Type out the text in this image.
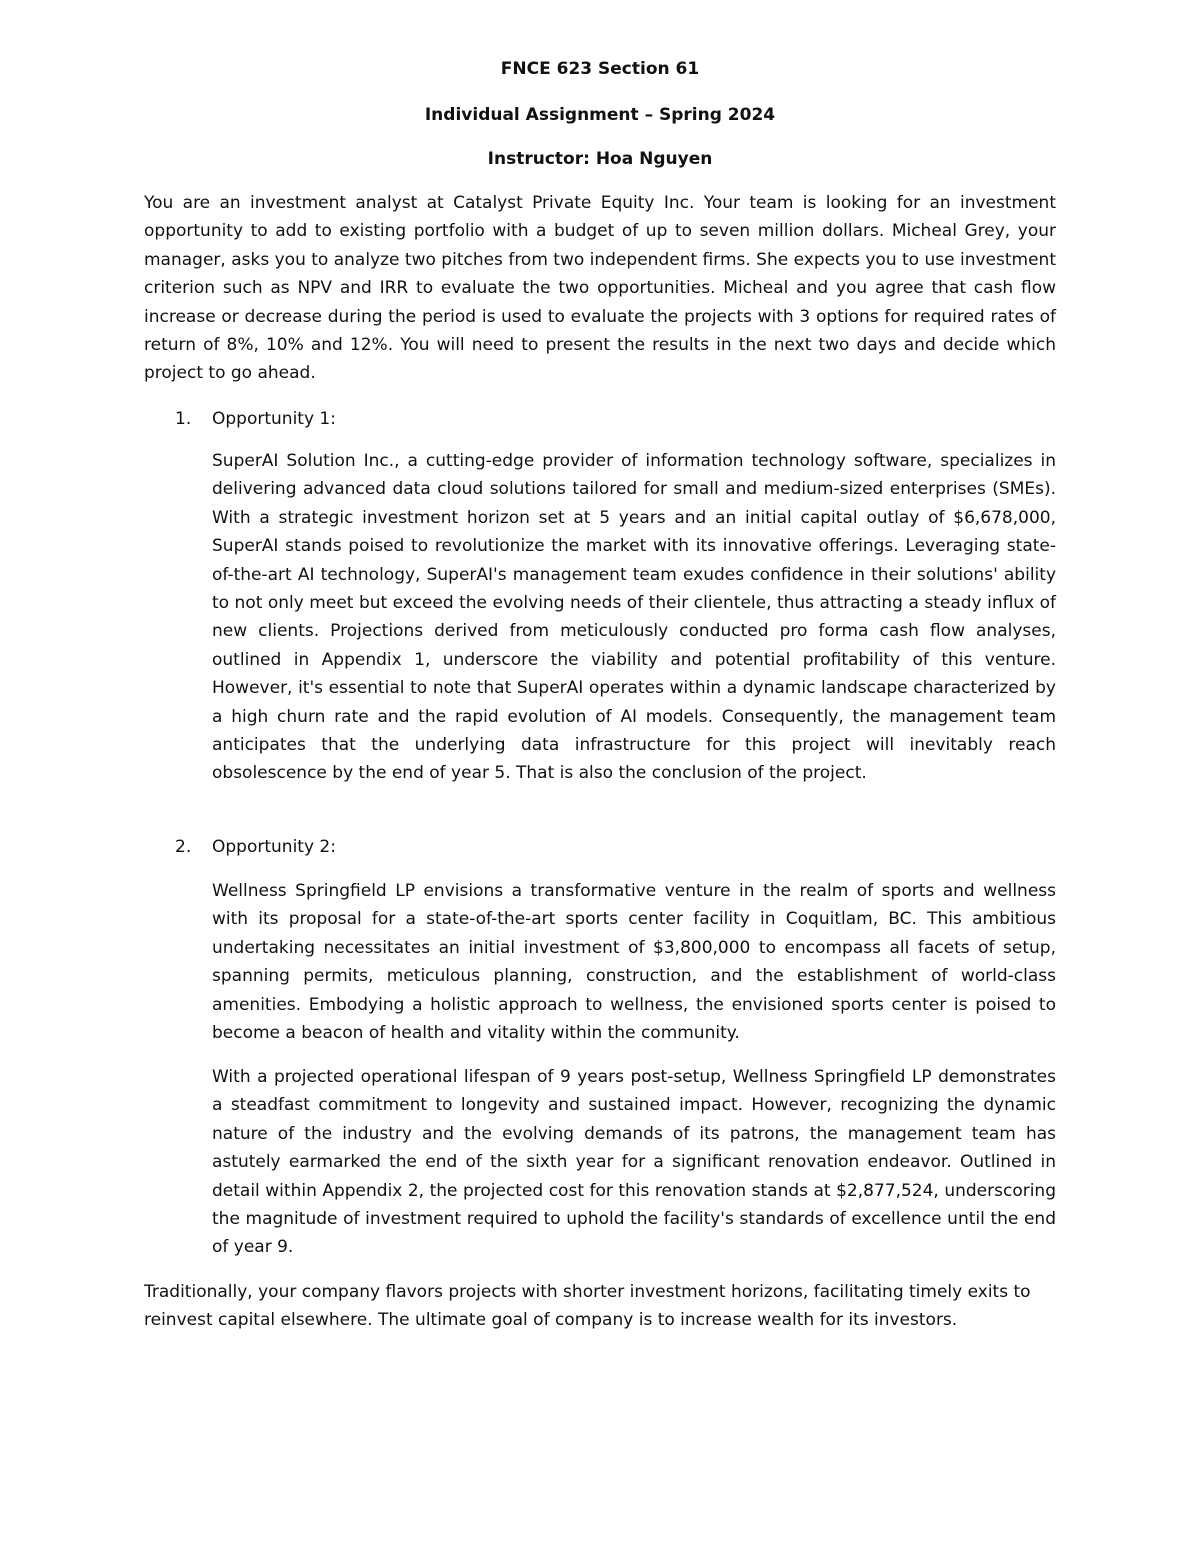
FNCE 623 Section 61

Individual Assignment – Spring 2024

Instructor: Hoa Nguyen

You are an investment analyst at Catalyst Private Equity Inc. Your team is looking for an investment opportunity to add to existing portfolio with a budget of up to seven million dollars. Micheal Grey, your manager, asks you to analyze two pitches from two independent firms. She expects you to use investment criterion such as NPV and IRR to evaluate the two opportunities. Micheal and you agree that cash flow increase or decrease during the period is used to evaluate the projects with 3 options for required rates of return of 8%, 10% and 12%. You will need to present the results in the next two days and decide which project to go ahead.

1. Opportunity 1:

SuperAI Solution Inc., a cutting-edge provider of information technology software, specializes in delivering advanced data cloud solutions tailored for small and medium-sized enterprises (SMEs). With a strategic investment horizon set at 5 years and an initial capital outlay of $6,678,000, SuperAI stands poised to revolutionize the market with its innovative offerings. Leveraging state-of-the-art AI technology, SuperAI's management team exudes confidence in their solutions' ability to not only meet but exceed the evolving needs of their clientele, thus attracting a steady influx of new clients. Projections derived from meticulously conducted pro forma cash flow analyses, outlined in Appendix 1, underscore the viability and potential profitability of this venture. However, it's essential to note that SuperAI operates within a dynamic landscape characterized by a high churn rate and the rapid evolution of AI models. Consequently, the management team anticipates that the underlying data infrastructure for this project will inevitably reach obsolescence by the end of year 5. That is also the conclusion of the project.

2. Opportunity 2:

Wellness Springfield LP envisions a transformative venture in the realm of sports and wellness with its proposal for a state-of-the-art sports center facility in Coquitlam, BC. This ambitious undertaking necessitates an initial investment of $3,800,000 to encompass all facets of setup, spanning permits, meticulous planning, construction, and the establishment of world-class amenities. Embodying a holistic approach to wellness, the envisioned sports center is poised to become a beacon of health and vitality within the community.

With a projected operational lifespan of 9 years post-setup, Wellness Springfield LP demonstrates a steadfast commitment to longevity and sustained impact. However, recognizing the dynamic nature of the industry and the evolving demands of its patrons, the management team has astutely earmarked the end of the sixth year for a significant renovation endeavor. Outlined in detail within Appendix 2, the projected cost for this renovation stands at $2,877,524, underscoring the magnitude of investment required to uphold the facility's standards of excellence until the end of year 9.

Traditionally, your company flavors projects with shorter investment horizons, facilitating timely exits to reinvest capital elsewhere. The ultimate goal of company is to increase wealth for its investors.
